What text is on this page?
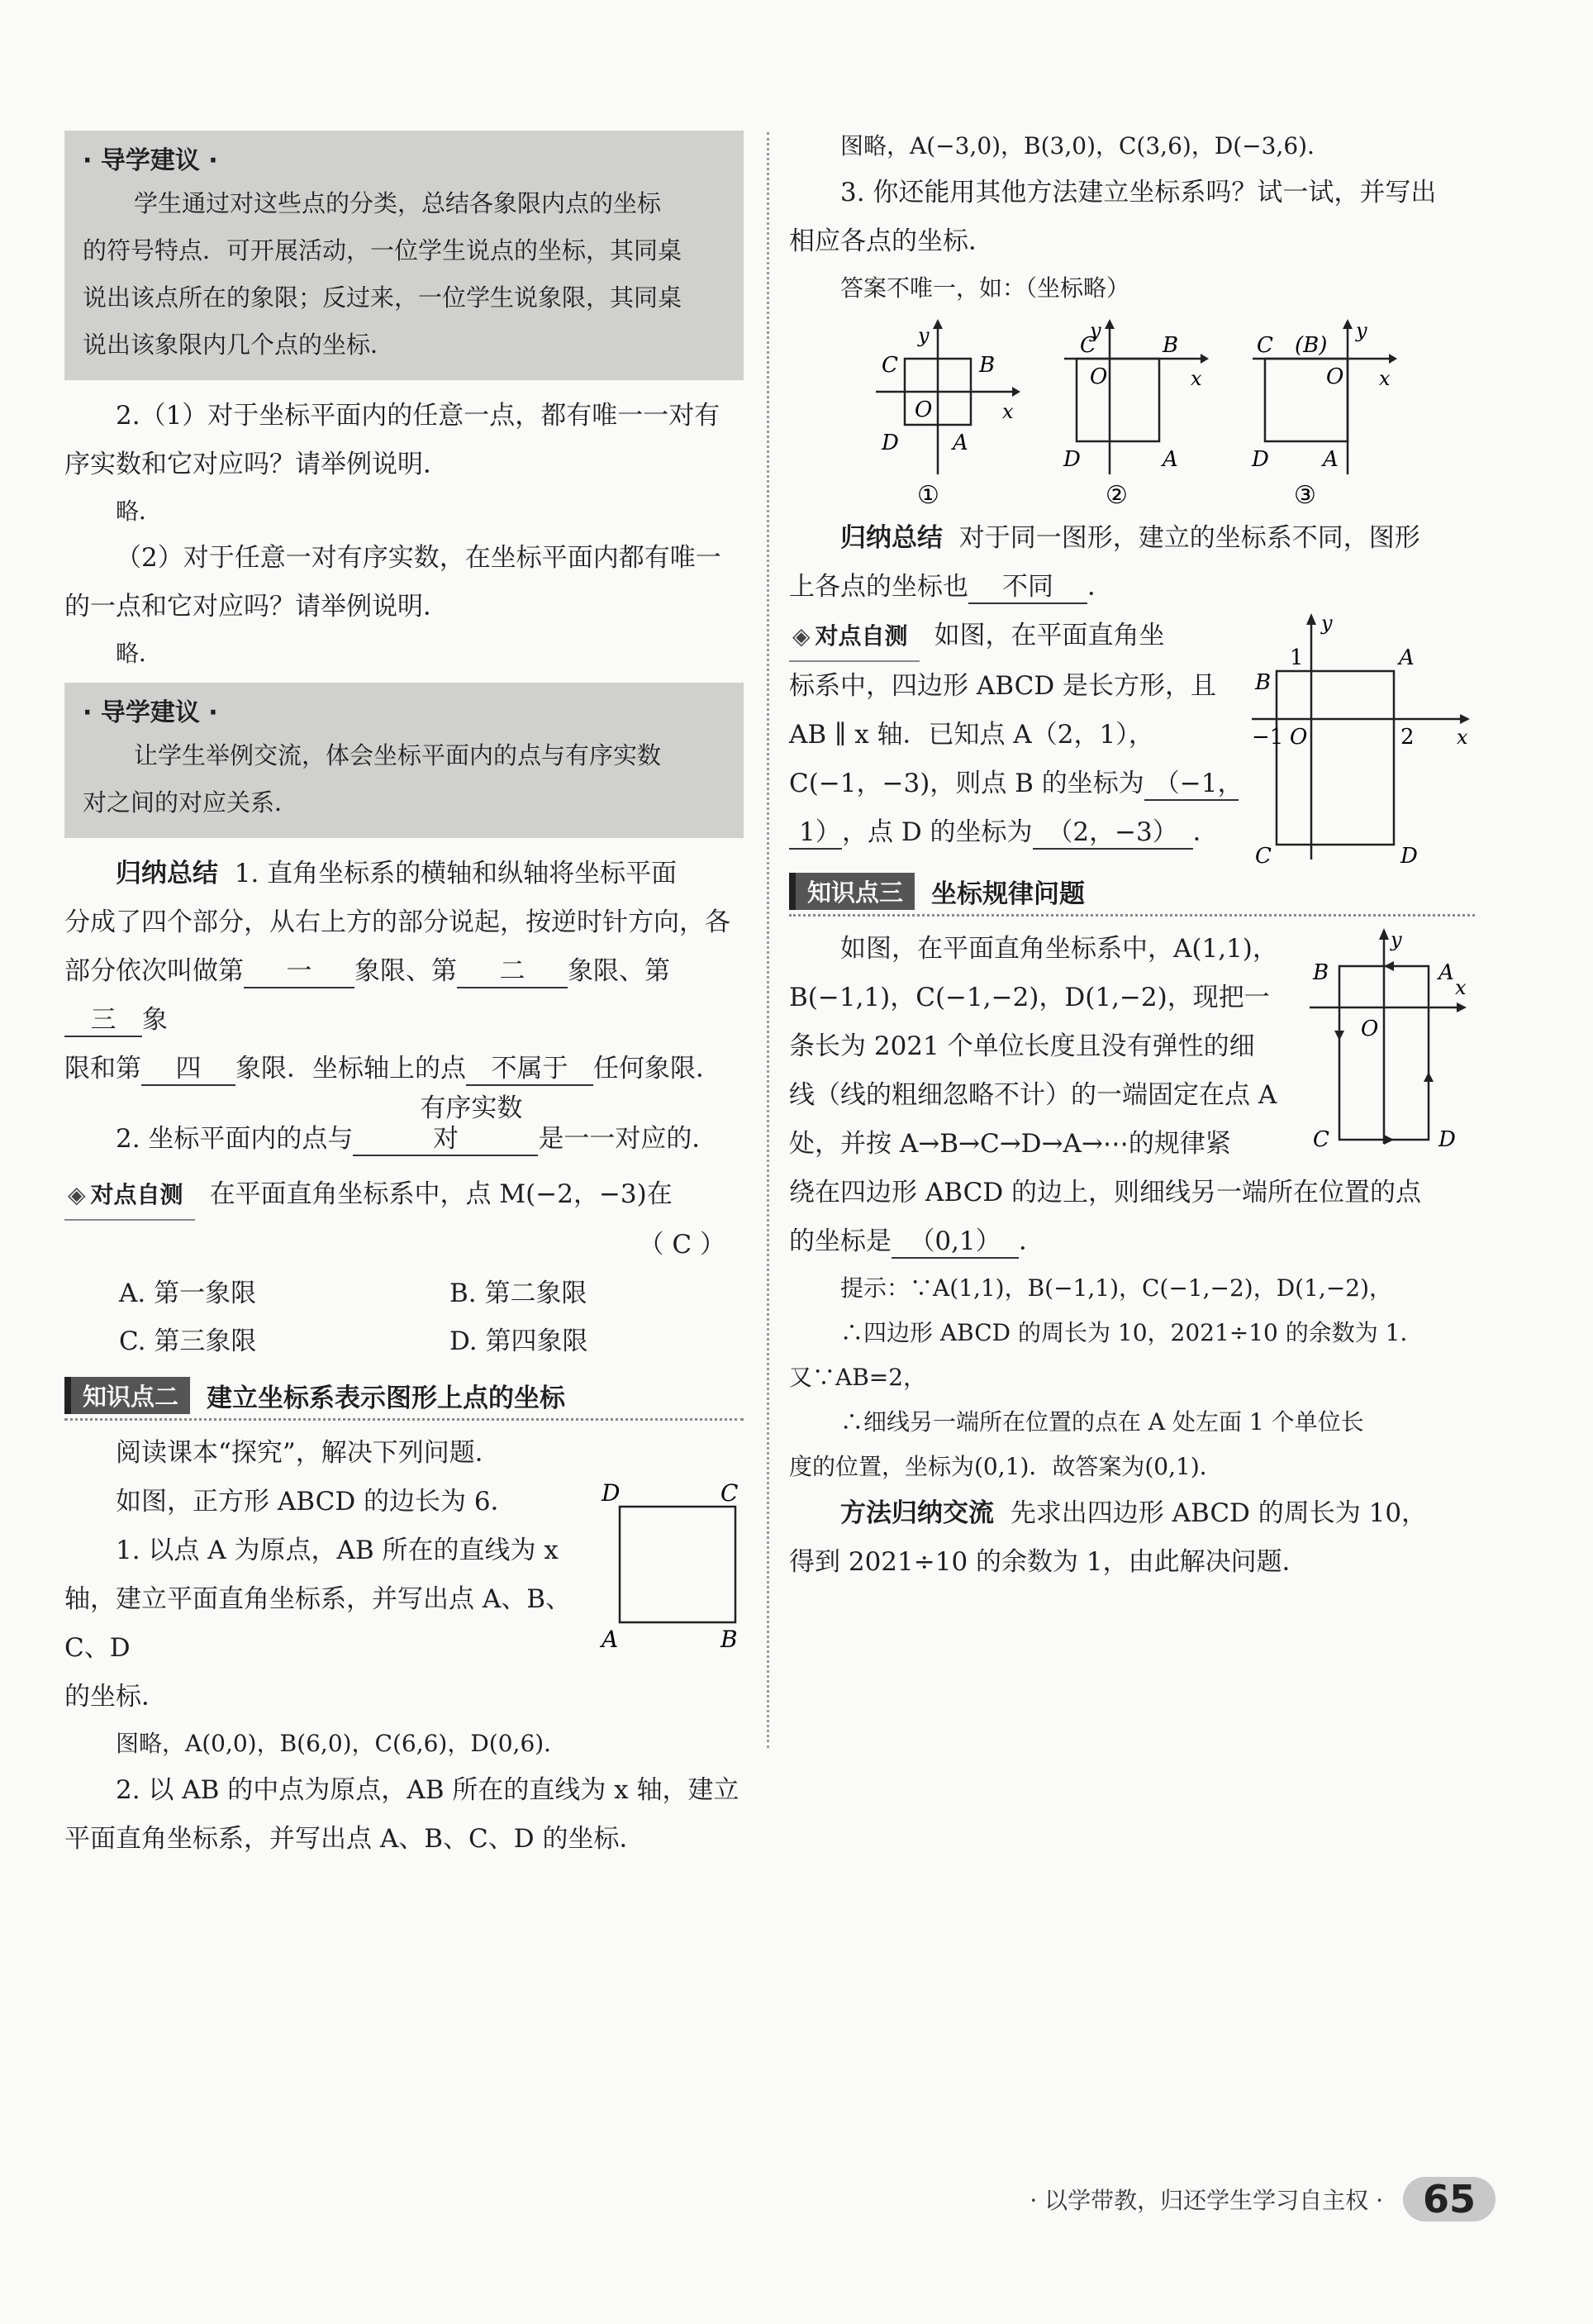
· 导学建议 ·

学生通过对这些点的分类，总结各象限内点的坐标

的符号特点．可开展活动，一位学生说点的坐标，其同桌

说出该点所在的象限；反过来，一位学生说象限，其同桌

说出该象限内几个点的坐标．

2.（1）对于坐标平面内的任意一点，都有唯一一对有

序实数和它对应吗？请举例说明．

略．

（2）对于任意一对有序实数，在坐标平面内都有唯一

的一点和它对应吗？请举例说明．

略．

· 导学建议 ·

让学生举例交流，体会坐标平面内的点与有序实数

对之间的对应关系．

归纳总结 1. 直角坐标系的横轴和纵轴将坐标平面

分成了四个部分，从右上方的部分说起，按逆时针方向，各

部分依次叫做第 一 象限、第 二 象限、第三 象

限和第 四 象限．坐标轴上的点 不属于 任何象限．

2. 坐标平面内的点与有序实数对	是一一对应的．

◈ 对点自测 在平面直角坐标系中，点 M(−2，−3)在

（ C ）

A. 第一象限	B. 第二象限

C. 第三象限	D. 第四象限

知识点二	建立坐标系表示图形上点的坐标

阅读课本“探究”，解决下列问题．

D	C
A	B

如图，正方形 ABCD 的边长为 6．

1. 以点 A 为原点，AB 所在的直线为 x

轴，建立平面直角坐标系，并写出点 A、B、C、D

的坐标．

图略，A(0,0)，B(6,0)，C(6,6)，D(0,6)．

2. 以 AB 的中点为原点，AB 所在的直线为 x 轴，建立

平面直角坐标系，并写出点 A、B、C、D 的坐标．

图略，A(−3,0)，B(3,0)，C(3,6)，D(−3,6)．

3. 你还能用其他方法建立坐标系吗？试一试，并写出

相应各点的坐标．

答案不唯一，如：（坐标略）

C	B
O
D	A
x
y
①
C	B
O
D	A
x
y
②
C (B)
O
D	A
x
y
③

归纳总结 对于同一图形，建立的坐标系不同，图形

上各点的坐标也 不同 ．

y
x
1	A
B
−1 O	2
C	D

◈ 对点自测 如图，在平面直角坐

标系中，四边形 ABCD 是长方形，且

AB ∥ x 轴．已知点 A（2，1），

C(−1，−3)，则点 B 的坐标为 （−1，

1），点 D 的坐标为 （2，−3） ．

知识点三	坐标规律问题
y
x
A
B
O
C	D

如图，在平面直角坐标系中，A(1,1)，

B(−1,1)，C(−1,−2)，D(1,−2)，现把一

条长为 2021 个单位长度且没有弹性的细

线（线的粗细忽略不计）的一端固定在点 A

处，并按 A→B→C→D→A→⋯的规律紧

绕在四边形 ABCD 的边上，则细线另一端所在位置的点

的坐标是 （0,1） ．

提示：∵A(1,1)，B(−1,1)，C(−1,−2)，D(1,−2)，

∴四边形 ABCD 的周长为 10，2021÷10 的余数为 1．

又∵AB=2，

∴细线另一端所在位置的点在 A 处左面 1 个单位长

度的位置，坐标为(0,1)．故答案为(0,1)．

方法归纳交流 先求出四边形 ABCD 的周长为 10，

得到 2021÷10 的余数为 1，由此解决问题．

· 以学带教，归还学生学习自主权 ·	65
